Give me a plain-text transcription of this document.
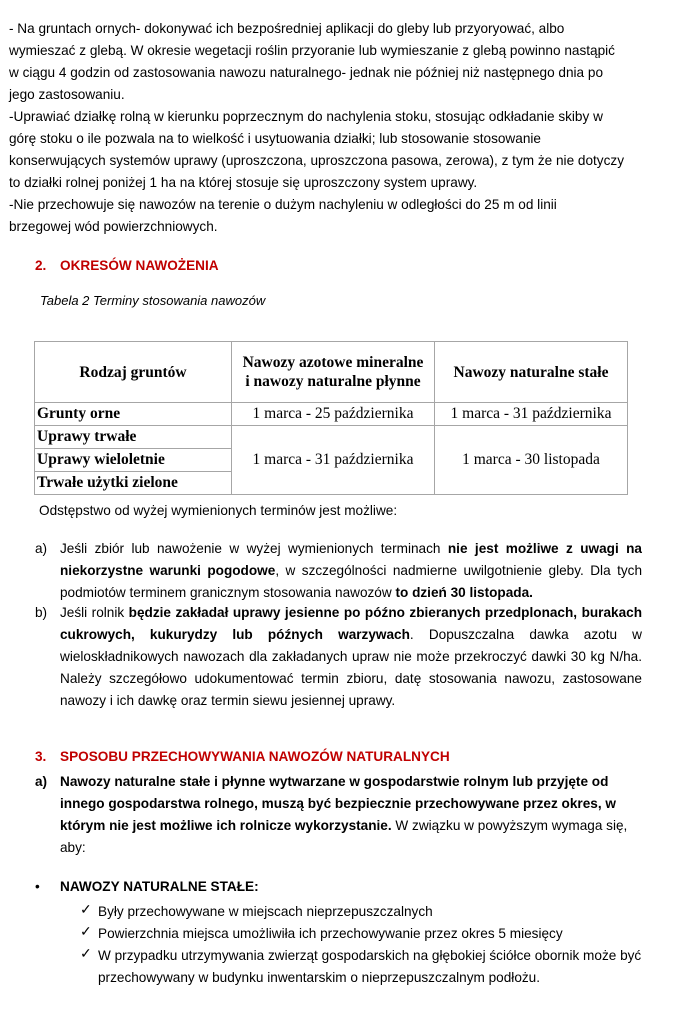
- Na gruntach ornych- dokonywać ich bezpośredniej aplikacji do gleby lub przyoryować, albo
wymieszać z glebą. W okresie wegetacji roślin przyoranie lub wymieszanie z glebą powinno nastąpić
w ciągu 4 godzin od zastosowania nawozu naturalnego- jednak nie później niż następnego dnia po
jego zastosowaniu.
-Uprawiać działkę rolną w kierunku poprzecznym do nachylenia stoku, stosując odkładanie skiby w
górę stoku o ile pozwala na to wielkość i usytuowania działki; lub stosowanie stosowanie
konserwujących systemów uprawy (uproszczona, uproszczona pasowa, zerowa), z tym że nie dotyczy
to działki rolnej poniżej 1 ha na której stosuje się uproszczony system uprawy.
-Nie przechowuje się nawozów na terenie o dużym nachyleniu w odległości do 25 m od linii
brzegowej wód powierzchniowych.
2. OKRESÓW NAWOŻENIA
Tabela 2 Terminy stosowania nawozów
Rodzaj gruntów	Nawozy azotowe mineralne i nawozy naturalne płynne	Nawozy naturalne stałe
Grunty orne	1 marca - 25 października	1 marca - 31 października
Uprawy trwałe	1 marca - 31 października	1 marca - 30 listopada
Uprawy wieloletnie		
Trwałe użytki zielone		
Odstępstwo od wyżej wymienionych terminów jest możliwe:
a) Jeśli zbiór lub nawożenie w wyżej wymienionych terminach nie jest możliwe z uwagi na niekorzystne warunki pogodowe, w szczególności nadmierne uwilgotnienie gleby. Dla tych podmiotów terminem granicznym stosowania nawozów to dzień 30 listopada.
b) Jeśli rolnik będzie zakładał uprawy jesienne po późno zbieranych przedplonach, burakach cukrowych, kukurydzy lub późnych warzywach. Dopuszczalna dawka azotu w wieloskładnikowych nawozach dla zakładanych upraw nie może przekroczyć dawki 30 kg N/ha. Należy szczegółowo udokumentować termin zbioru, datę stosowania nawozu, zastosowane nawozy i ich dawkę oraz termin siewu jesiennej uprawy.
3. SPOSOBU PRZECHOWYWANIA NAWOZÓW NATURALNYCH
a) Nawozy naturalne stałe i płynne wytwarzane w gospodarstwie rolnym lub przyjęte od innego gospodarstwa rolnego, muszą być bezpiecznie przechowywane przez okres, w którym nie jest możliwe ich rolnicze wykorzystanie. W związku w powyższym wymaga się, aby:
• NAWOZY NATURALNE STAŁE:
✓ Były przechowywane w miejscach nieprzepuszczalnych
✓ Powierzchnia miejsca umożliwiła ich przechowywanie przez okres 5 miesięcy
✓ W przypadku utrzymywania zwierząt gospodarskich na głębokiej ściółce obornik może być przechowywany w budynku inwentarskim o nieprzepuszczalnym podłożu.
